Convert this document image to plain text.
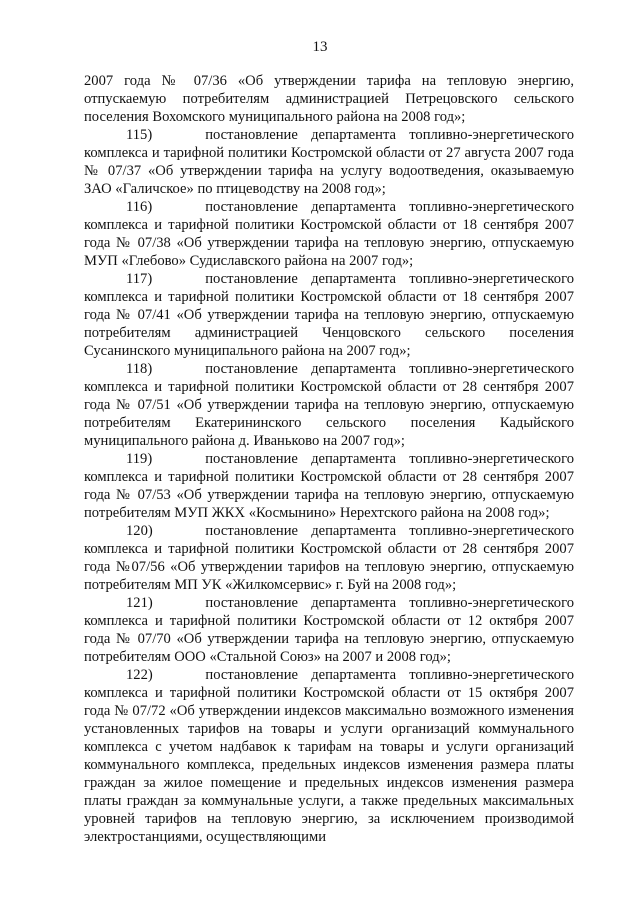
13

2007 года № 07/36 «Об утверждении тарифа на тепловую энергию, отпускаемую потребителям администрацией Петрецовского сельского поселения Вохомского муниципального района на 2008 год»;

115)	постановление департамента топливно-энергетического комплекса и тарифной политики Костромской области от 27 августа 2007 года № 07/37 «Об утверждении тарифа на услугу водоотведения, оказываемую ЗАО «Галичское» по птицеводству на 2008 год»;

116)	постановление департамента топливно-энергетического комплекса и тарифной политики Костромской области от 18 сентября 2007 года № 07/38 «Об утверждении тарифа на тепловую энергию, отпускаемую МУП «Глебово» Судиславского района на 2007 год»;

117)	постановление департамента топливно-энергетического комплекса и тарифной политики Костромской области от 18 сентября 2007 года № 07/41 «Об утверждении тарифа на тепловую энергию, отпускаемую потребителям администрацией Ченцовского сельского поселения Сусанинского муниципального района на 2007 год»;

118)	постановление департамента топливно-энергетического комплекса и тарифной политики Костромской области от 28 сентября 2007 года № 07/51 «Об утверждении тарифа на тепловую энергию, отпускаемую потребителям Екатерининского сельского поселения Кадыйского муниципального района д. Иваньково на 2007 год»;

119)	постановление департамента топливно-энергетического комплекса и тарифной политики Костромской области от 28 сентября 2007 года № 07/53 «Об утверждении тарифа на тепловую энергию, отпускаемую потребителям МУП ЖКХ «Космынино» Нерехтского района на 2008 год»;

120)	постановление департамента топливно-энергетического комплекса и тарифной политики Костромской области от 28 сентября 2007 года №07/56 «Об утверждении тарифов на тепловую энергию, отпускаемую потребителям МП УК «Жилкомсервис» г. Буй на 2008 год»;

121)	постановление департамента топливно-энергетического комплекса и тарифной политики Костромской области от 12 октября 2007 года № 07/70 «Об утверждении тарифа на тепловую энергию, отпускаемую потребителям ООО «Стальной Союз» на 2007 и 2008 год»;

122)	постановление департамента топливно-энергетического комплекса и тарифной политики Костромской области от 15 октября 2007 года № 07/72 «Об утверждении индексов максимально возможного изменения установленных тарифов на товары и услуги организаций коммунального комплекса с учетом надбавок к тарифам на товары и услуги организаций коммунального комплекса, предельных индексов изменения размера платы граждан за жилое помещение и предельных индексов изменения размера платы граждан за коммунальные услуги, а также предельных максимальных уровней тарифов на тепловую энергию, за исключением производимой электростанциями, осуществляющими
